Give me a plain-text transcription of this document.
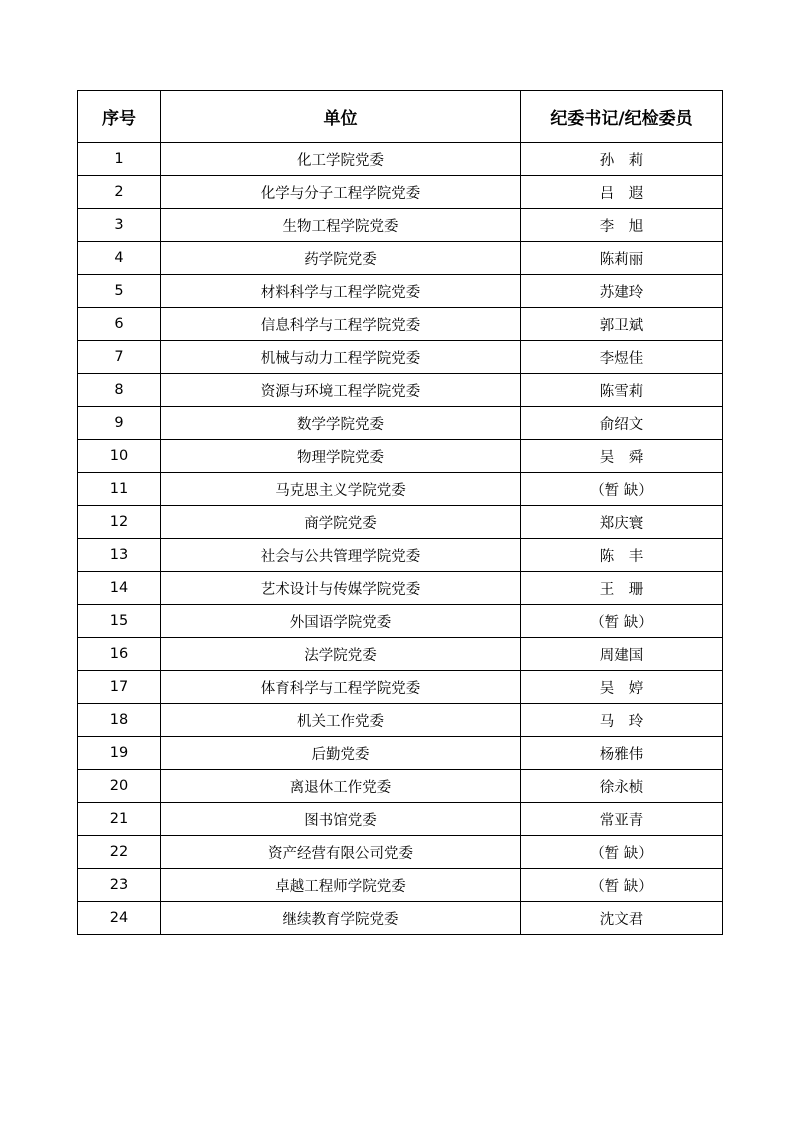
序号	单位	纪委书记/纪检委员
1	化工学院党委	孙　莉
2	化学与分子工程学院党委	吕　遐
3	生物工程学院党委	李　旭
4	药学院党委	陈莉丽
5	材料科学与工程学院党委	苏建玲
6	信息科学与工程学院党委	郭卫斌
7	机械与动力工程学院党委	李煜佳
8	资源与环境工程学院党委	陈雪莉
9	数学学院党委	俞绍文
10	物理学院党委	吴　舜
11	马克思主义学院党委	（暂 缺）
12	商学院党委	郑庆寰
13	社会与公共管理学院党委	陈　丰
14	艺术设计与传媒学院党委	王　珊
15	外国语学院党委	（暂 缺）
16	法学院党委	周建国
17	体育科学与工程学院党委	吴　婷
18	机关工作党委	马　玲
19	后勤党委	杨雅伟
20	离退休工作党委	徐永桢
21	图书馆党委	常亚青
22	资产经营有限公司党委	（暂 缺）
23	卓越工程师学院党委	（暂 缺）
24	继续教育学院党委	沈文君
